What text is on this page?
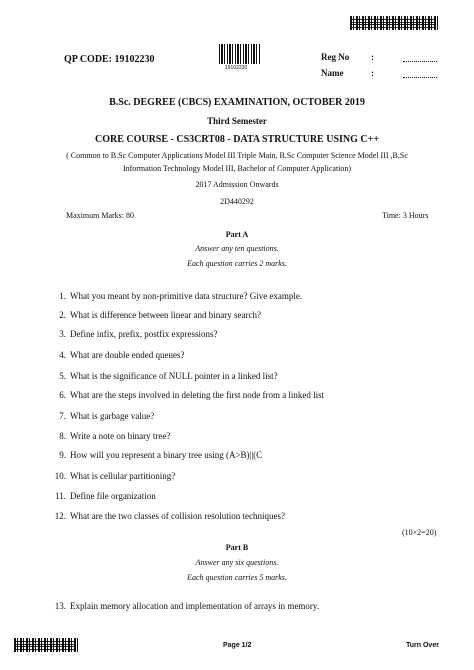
QP CODE: 19102230
19102230
Reg No :
Name	:
B.Sc. DEGREE (CBCS) EXAMINATION, OCTOBER 2019
Third Semester
CORE COURSE - CS3CRT08 - DATA STRUCTURE USING C++
( Common to B.Sc Computer Applications Model III Triple Main, B.Sc Computer Science Model III ,B.Sc
Information Technology Model III, Bachelor of Computer Application)
2017 Admission Onwards
2D440292
Maximum Marks: 80	Time: 3 Hours
Part A
Answer any ten questions.
Each question carries 2 marks.
1. What you meant by non-primitive data structure? Give example.
2. What is difference between linear and binary search?
3. Define infix, prefix, postfix expressions?
4. What are double ended queues?
5. What is the significance of NULL pointer in a linked list?
6. What are the steps involved in deleting the first node from a linked list
7. What is garbage value?
8. Write a note on binary tree?
9. How will you represent a binary tree using (A>B)||(C
10. What is cellular partitioning?
11. Define file organization
12. What are the two classes of collision resolution techniques?
(10×2=20)
Part B
Answer any six questions.
Each question carries 5 marks.
13. Explain memory allocation and implementation of arrays in memory.
Page 1/2	Turn Over
